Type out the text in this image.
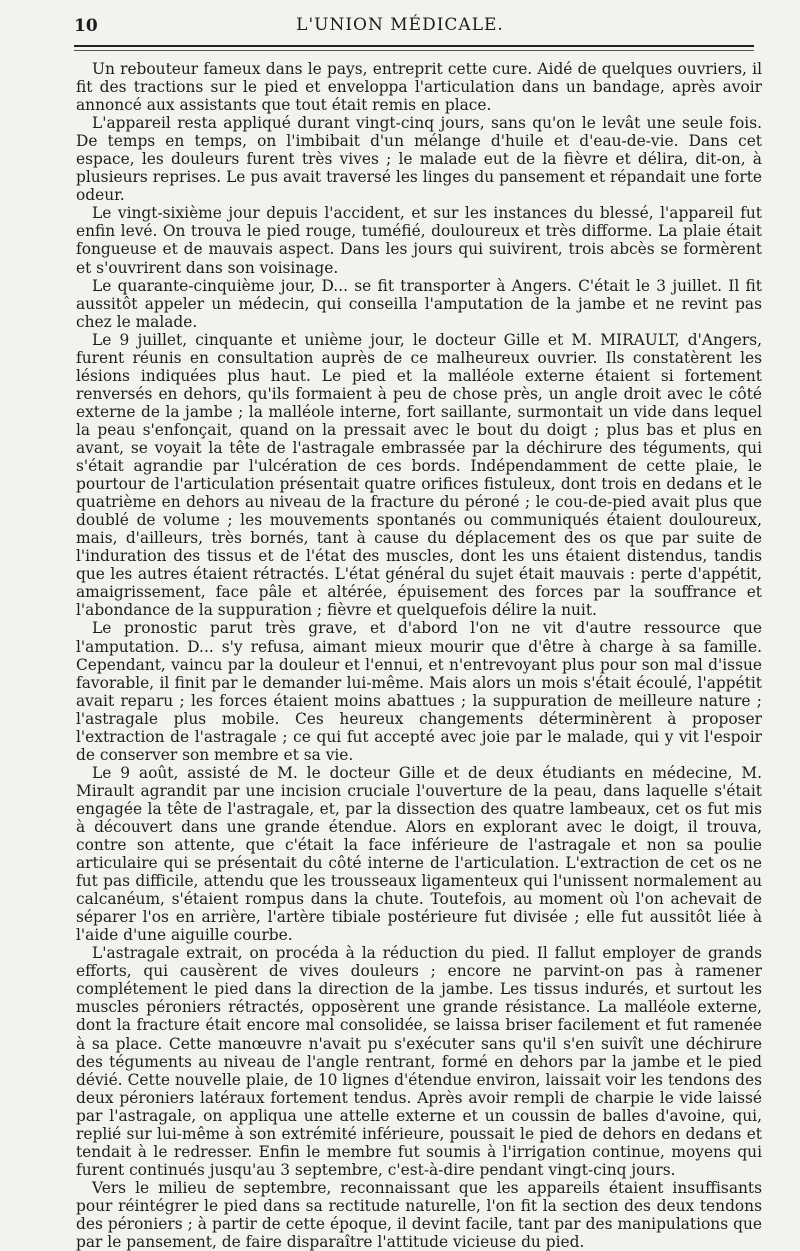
10	L'UNION MÉDICALE.

Un rebouteur fameux dans le pays, entreprit cette cure. Aidé de quelques ouvriers, il fit des tractions sur le pied et enveloppa l'articulation dans un bandage, après avoir annoncé aux assistants que tout était remis en place.

L'appareil resta appliqué durant vingt-cinq jours, sans qu'on le levât une seule fois. De temps en temps, on l'imbibait d'un mélange d'huile et d'eau-de-vie. Dans cet espace, les douleurs furent très vives ; le malade eut de la fièvre et délira, dit-on, à plusieurs reprises. Le pus avait traversé les linges du pansement et répandait une forte odeur.

Le vingt-sixième jour depuis l'accident, et sur les instances du blessé, l'appareil fut enfin levé. On trouva le pied rouge, tuméfié, douloureux et très difforme. La plaie était fongueuse et de mauvais aspect. Dans les jours qui suivirent, trois abcès se formèrent et s'ouvrirent dans son voisinage.

Le quarante-cinquième jour, D... se fit transporter à Angers. C'était le 3 juillet. Il fit aussitôt appeler un médecin, qui conseilla l'amputation de la jambe et ne revint pas chez le malade.

Le 9 juillet, cinquante et unième jour, le docteur Gille et M. MIRAULT, d'Angers, furent réunis en consultation auprès de ce malheureux ouvrier. Ils constatèrent les lésions indiquées plus haut. Le pied et la malléole externe étaient si fortement renversés en dehors, qu'ils formaient à peu de chose près, un angle droit avec le côté externe de la jambe ; la malléole interne, fort saillante, surmontait un vide dans lequel la peau s'enfonçait, quand on la pressait avec le bout du doigt ; plus bas et plus en avant, se voyait la tête de l'astragale embrassée par la déchirure des téguments, qui s'était agrandie par l'ulcération de ces bords. Indépendamment de cette plaie, le pourtour de l'articulation présentait quatre orifices fistuleux, dont trois en dedans et le quatrième en dehors au niveau de la fracture du péroné ; le cou-de-pied avait plus que doublé de volume ; les mouvements spontanés ou communiqués étaient douloureux, mais, d'ailleurs, très bornés, tant à cause du déplacement des os que par suite de l'induration des tissus et de l'état des muscles, dont les uns étaient distendus, tandis que les autres étaient rétractés. L'état général du sujet était mauvais : perte d'appétit, amaigrissement, face pâle et altérée, épuisement des forces par la souffrance et l'abondance de la suppuration ; fièvre et quelquefois délire la nuit.

Le pronostic parut très grave, et d'abord l'on ne vit d'autre ressource que l'amputation. D... s'y refusa, aimant mieux mourir que d'être à charge à sa famille. Cependant, vaincu par la douleur et l'ennui, et n'entrevoyant plus pour son mal d'issue favorable, il finit par le demander lui-même. Mais alors un mois s'était écoulé, l'appétit avait reparu ; les forces étaient moins abattues ; la suppuration de meilleure nature ; l'astragale plus mobile. Ces heureux changements déterminèrent à proposer l'extraction de l'astragale ; ce qui fut accepté avec joie par le malade, qui y vit l'espoir de conserver son membre et sa vie.

Le 9 août, assisté de M. le docteur Gille et de deux étudiants en médecine, M. Mirault agrandit par une incision cruciale l'ouverture de la peau, dans laquelle s'était engagée la tête de l'astragale, et, par la dissection des quatre lambeaux, cet os fut mis à découvert dans une grande étendue. Alors en explorant avec le doigt, il trouva, contre son attente, que c'était la face inférieure de l'astragale et non sa poulie articulaire qui se présentait du côté interne de l'articulation. L'extraction de cet os ne fut pas difficile, attendu que les trousseaux ligamenteux qui l'unissent normalement au calcanéum, s'étaient rompus dans la chute. Toutefois, au moment où l'on achevait de séparer l'os en arrière, l'artère tibiale postérieure fut divisée ; elle fut aussitôt liée à l'aide d'une aiguille courbe.

L'astragale extrait, on procéda à la réduction du pied. Il fallut employer de grands efforts, qui causèrent de vives douleurs ; encore ne parvint-on pas à ramener complétement le pied dans la direction de la jambe. Les tissus indurés, et surtout les muscles péroniers rétractés, opposèrent une grande résistance. La malléole externe, dont la fracture était encore mal consolidée, se laissa briser facilement et fut ramenée à sa place. Cette manœuvre n'avait pu s'exécuter sans qu'il s'en suivît une déchirure des téguments au niveau de l'angle rentrant, formé en dehors par la jambe et le pied dévié. Cette nouvelle plaie, de 10 lignes d'étendue environ, laissait voir les tendons des deux péroniers latéraux fortement tendus. Après avoir rempli de charpie le vide laissé par l'astragale, on appliqua une attelle externe et un coussin de balles d'avoine, qui, replié sur lui-même à son extrémité inférieure, poussait le pied de dehors en dedans et tendait à le redresser. Enfin le membre fut soumis à l'irrigation continue, moyens qui furent continués jusqu'au 3 septembre, c'est-à-dire pendant vingt-cinq jours.

Vers le milieu de septembre, reconnaissant que les appareils étaient insuffisants pour réintégrer le pied dans sa rectitude naturelle, l'on fit la section des deux tendons des péroniers ; à partir de cette époque, il devint facile, tant par des manipulations que par le pansement, de faire disparaître l'attitude vicieuse du pied.
